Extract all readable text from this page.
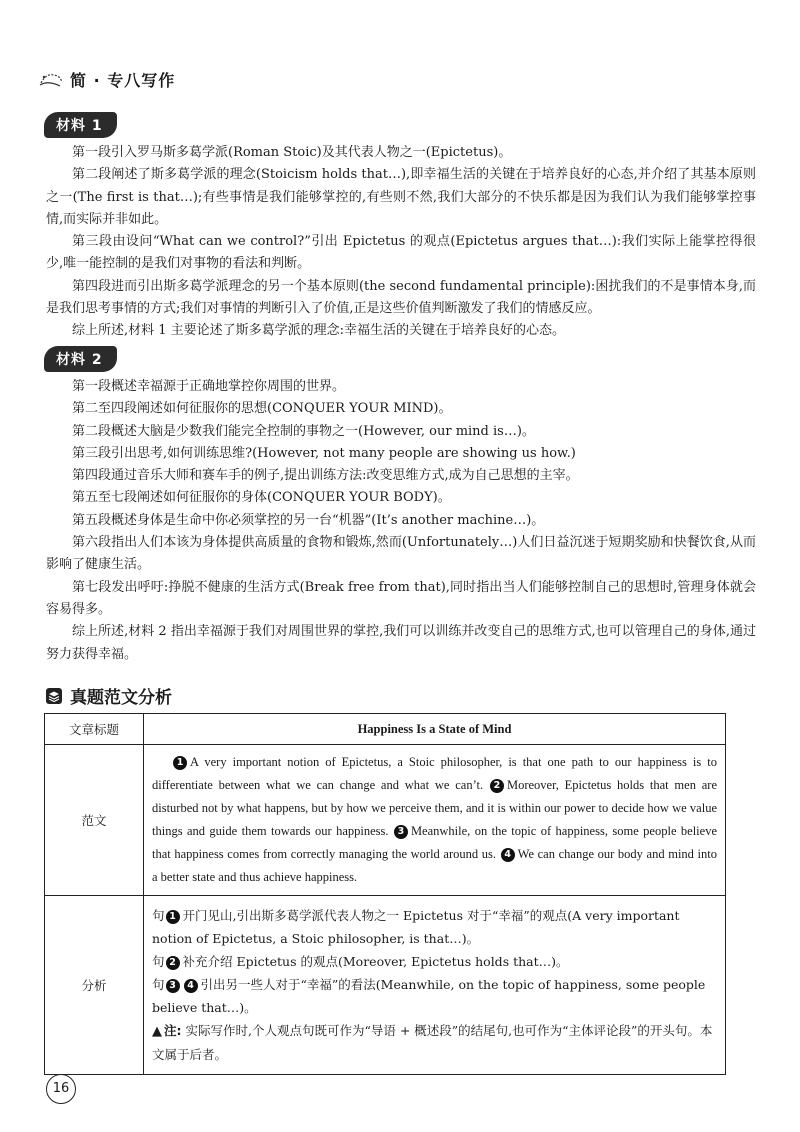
简 · 专八写作
材料 1

第一段引入罗马斯多葛学派(Roman Stoic)及其代表人物之一(Epictetus)。

第二段阐述了斯多葛学派的理念(Stoicism holds that…),即幸福生活的关键在于培养良好的心态,并介绍了其基本原则之一(The first is that…);有些事情是我们能够掌控的,有些则不然,我们大部分的不快乐都是因为我们认为我们能够掌控事情,而实际并非如此。

第三段由设问“What can we control?”引出 Epictetus 的观点(Epictetus argues that…):我们实际上能掌控得很少,唯一能控制的是我们对事物的看法和判断。

第四段进而引出斯多葛学派理念的另一个基本原则(the second fundamental principle):困扰我们的不是事情本身,而是我们思考事情的方式;我们对事情的判断引入了价值,正是这些价值判断激发了我们的情感反应。

综上所述,材料 1 主要论述了斯多葛学派的理念:幸福生活的关键在于培养良好的心态。

材料 2

第一段概述幸福源于正确地掌控你周围的世界。

第二至四段阐述如何征服你的思想(CONQUER YOUR MIND)。

第二段概述大脑是少数我们能完全控制的事物之一(However, our mind is…)。

第三段引出思考,如何训练思维?(However, not many people are showing us how.)

第四段通过音乐大师和赛车手的例子,提出训练方法:改变思维方式,成为自己思想的主宰。

第五至七段阐述如何征服你的身体(CONQUER YOUR BODY)。

第五段概述身体是生命中你必须掌控的另一台“机器”(It’s another machine…)。

第六段指出人们本该为身体提供高质量的食物和锻炼,然而(Unfortunately…)人们日益沉迷于短期奖励和快餐饮食,从而影响了健康生活。

第七段发出呼吁:挣脱不健康的生活方式(Break free from that),同时指出当人们能够控制自己的思想时,管理身体就会容易得多。

综上所述,材料 2 指出幸福源于我们对周围世界的掌控,我们可以训练并改变自己的思维方式,也可以管理自己的身体,通过努力获得幸福。

真题范文分析
文章标题	Happiness Is a State of Mind
范文	1 A very important notion of Epictetus, a Stoic philosopher, is that one path to our happiness is to differentiate between what we can change and what we can’t. 2 Moreover, Epictetus holds that men are disturbed not by what happens, but by how we perceive them, and it is within our power to decide how we value things and guide them towards our happiness. 3 Meanwhile, on the topic of happiness, some people believe that happiness comes from correctly managing the world around us. 4 We can change our body and mind into a better state and thus achieve happiness.
分析	句 1 开门见山,引出斯多葛学派代表人物之一 Epictetus 对于“幸福”的观点(A very important notion of Epictetus, a Stoic philosopher, is that…)。

句 2 补充介绍 Epictetus 的观点(Moreover, Epictetus holds that…)。

句 3 4 引出另一些人对于“幸福”的看法(Meanwhile, on the topic of happiness, some people believe that…)。

▲ 注: 实际写作时,个人观点句既可作为“导语 + 概述段”的结尾句,也可作为“主体评论段”的开头句。本文属于后者。

16
